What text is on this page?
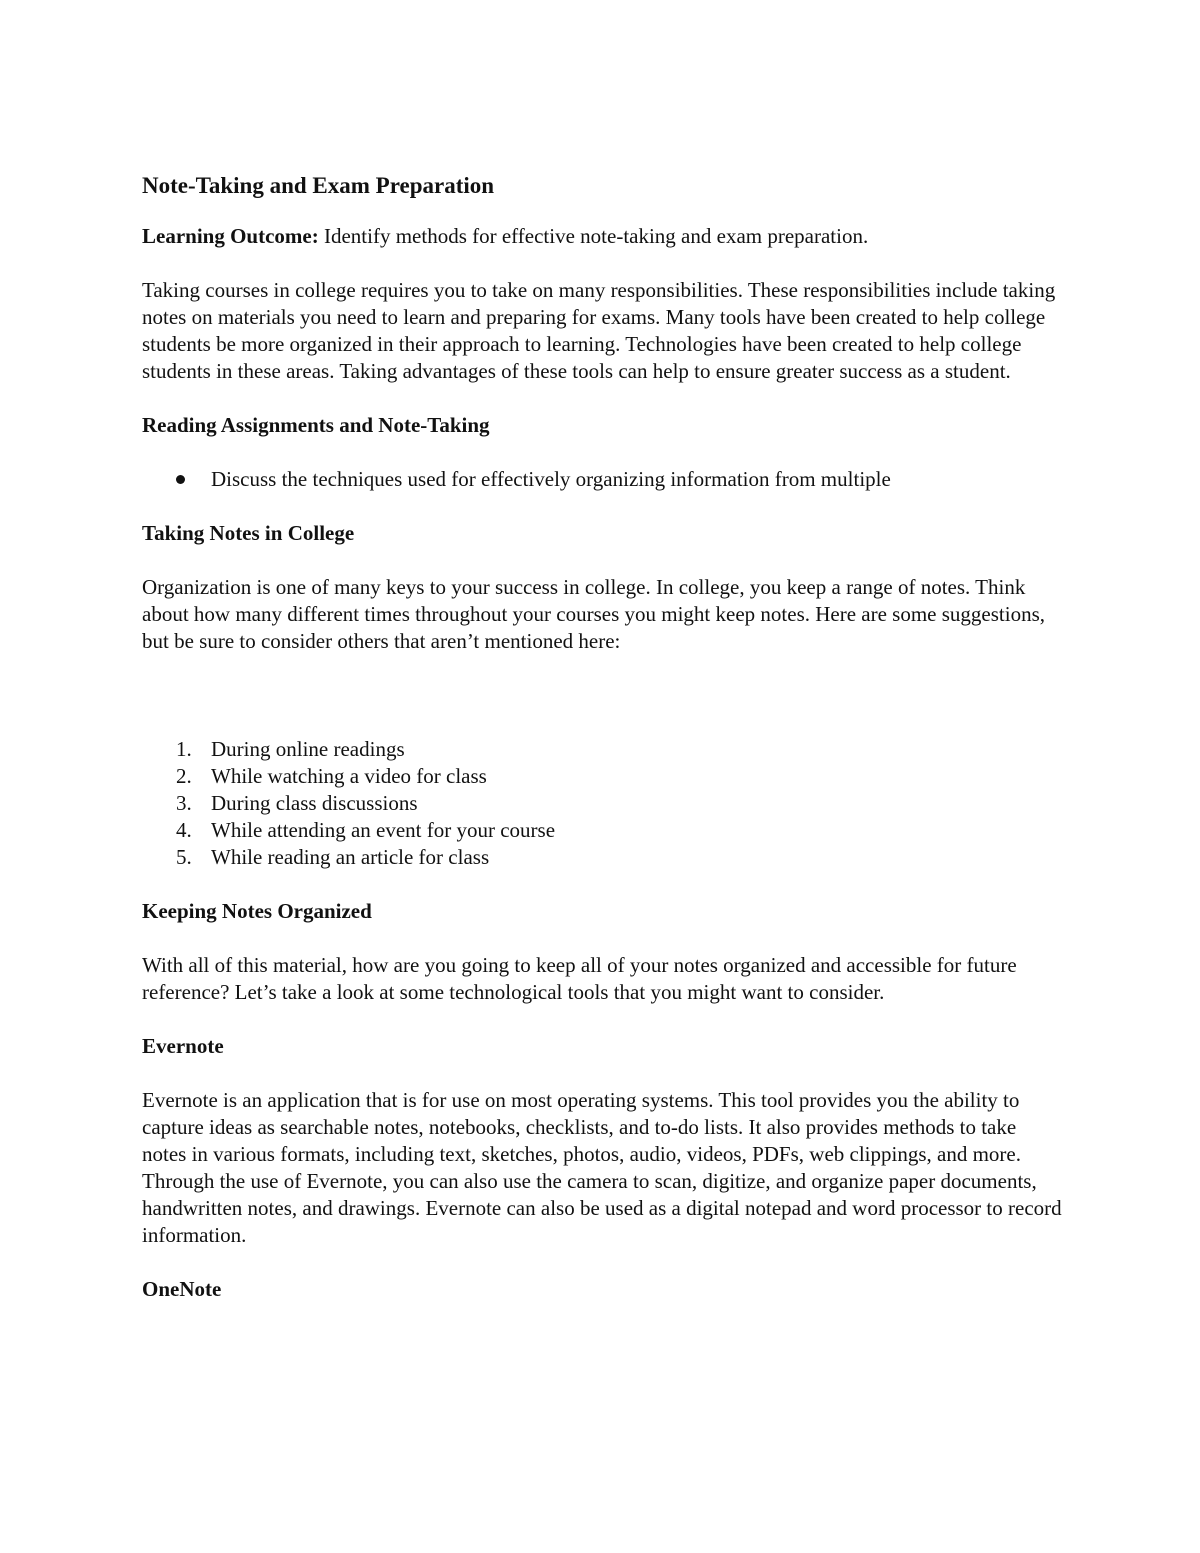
Note-Taking and Exam Preparation

Learning Outcome: Identify methods for effective note-taking and exam preparation.

Taking courses in college requires you to take on many responsibilities. These responsibilities include taking notes on materials you need to learn and preparing for exams. Many tools have been created to help college students be more organized in their approach to learning. Technologies have been created to help college students in these areas. Taking advantages of these tools can help to ensure greater success as a student.

Reading Assignments and Note-Taking
Discuss the techniques used for effectively organizing information from multiple
Taking Notes in College

Organization is one of many keys to your success in college. In college, you keep a range of notes. Think about how many different times throughout your courses you might keep notes. Here are some suggestions, but be sure to consider others that aren’t mentioned here:

1. During online readings
2. While watching a video for class
3. During class discussions
4. While attending an event for your course
5. While reading an article for class
Keeping Notes Organized

With all of this material, how are you going to keep all of your notes organized and accessible for future reference? Let’s take a look at some technological tools that you might want to consider.

Evernote

Evernote is an application that is for use on most operating systems. This tool provides you the ability to capture ideas as searchable notes, notebooks, checklists, and to-do lists. It also provides methods to take notes in various formats, including text, sketches, photos, audio, videos, PDFs, web clippings, and more. Through the use of Evernote, you can also use the camera to scan, digitize, and organize paper documents, handwritten notes, and drawings. Evernote can also be used as a digital notepad and word processor to record information.

OneNote
